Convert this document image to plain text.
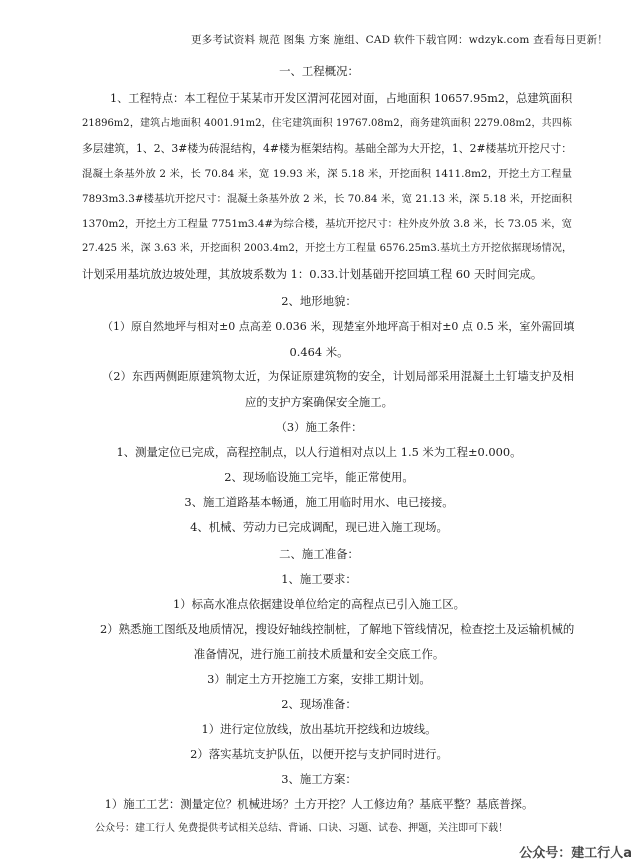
更多考试资料 规范 图集 方案 施组、CAD 软件下载官网：wdzyk.com 查看每日更新！
一、工程概况：
1、工程特点：本工程位于某某市开发区渭河花园对面，占地面积 10657.95m2，总建筑面积
21896m2，建筑占地面积 4001.91m2，住宅建筑面积 19767.08m2，商务建筑面积 2279.08m2，共四栋
多层建筑，1、2、3#楼为砖混结构，4#楼为框架结构。基础全部为大开挖，1、2#楼基坑开挖尺寸：
混凝土条基外放 2 米，长 70.84 米，宽 19.93 米，深 5.18 米，开挖面积 1411.8m2，开挖土方工程量
7893m3.3#楼基坑开挖尺寸：混凝土条基外放 2 米，长 70.84 米，宽 21.13 米，深 5.18 米，开挖面积
1370m2，开挖土方工程量 7751m3.4#为综合楼，基坑开挖尺寸：柱外皮外放 3.8 米，长 73.05 米，宽
27.425 米，深 3.63 米，开挖面积 2003.4m2，开挖土方工程量 6576.25m3.基坑土方开挖依据现场情况，
计划采用基坑放边坡处理，其放坡系数为 1：0.33.计划基础开挖回填工程 60 天时间完成。
2、地形地貌：
（1）原自然地坪与相对±0 点高差 0.036 米，现楚室外地坪高于相对±0 点 0.5 米，室外需回填
0.464 米。
（2）东西两侧距原建筑物太近，为保证原建筑物的安全，计划局部采用混凝土土钉墙支护及相
应的支护方案确保安全施工。
（3）施工条件：
1、测量定位已完成，高程控制点，以人行道相对点以上 1.5 米为工程±0.000。
2、现场临设施工完毕，能正常使用。
3、施工道路基本畅通，施工用临时用水、电已接接。
4、机械、劳动力已完成调配，现已进入施工现场。
二、施工准备：
1、施工要求：
1）标高水准点依据建设单位给定的高程点已引入施工区。
2）熟悉施工图纸及地质情况，搜设好轴线控制桩，了解地下管线情况，检查挖土及运输机械的
准备情况，进行施工前技术质量和安全交底工作。
3）制定土方开挖施工方案，安排工期计划。
2、现场准备：
1）进行定位放线，放出基坑开挖线和边坡线。
2）落实基坑支护队伍，以便开挖与支护同时进行。
3、施工方案：
1）施工工艺：测量定位？机械进场？土方开挖？人工修边角？基底平整？基底普探。
公众号：建工行人 免费提供考试相关总结、背诵、口诀、习题、试卷、押题，关注即可下载！
公众号：建工行人a
